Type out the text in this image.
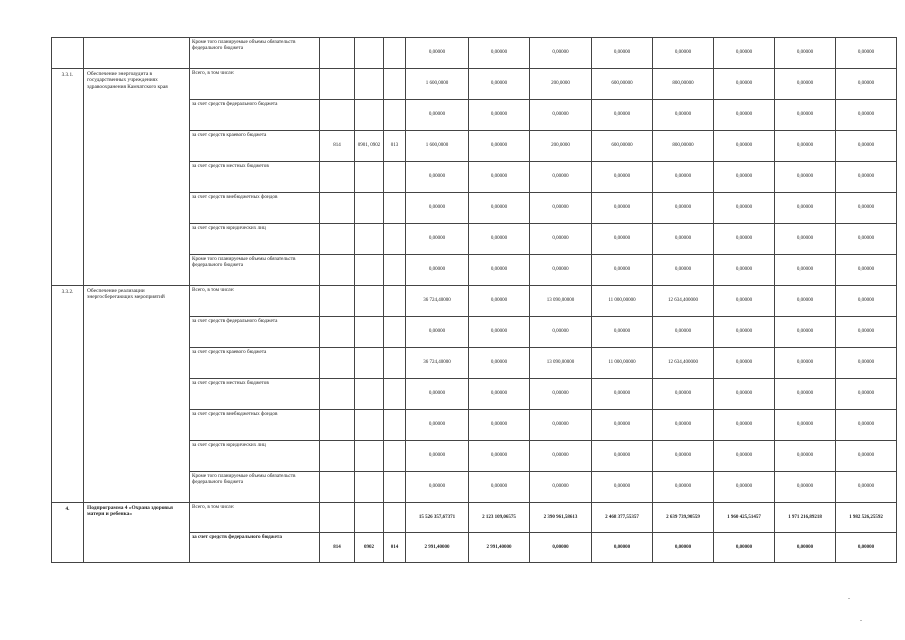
		Кроме того планируемые объемы обязательств федерального бюджета				0,00000	0,00000	0,00000	0,00000	0,00000	0,00000	0,00000	0,00000
3.3.1.	Обеспечение энергоаудита в государственных учреждениях здравоохранения Камчатского края	Всего, в том числе:				1 600,0000	0,00000	200,0000	600,00000	800,00000	0,00000	0,00000	0,00000
		за счет средств федерального бюджета				0,00000	0,00000	0,00000	0,00000	0,00000	0,00000	0,00000	0,00000
		за счет средств краевого бюджета	814	0901, 0902	013	1 600,0000	0,00000	200,0000	600,00000	800,00000	0,00000	0,00000	0,00000
		за счет средств местных бюджетов				0,00000	0,00000	0,00000	0,00000	0,00000	0,00000	0,00000	0,00000
		за счет средств внебюджетных фондов				0,00000	0,00000	0,00000	0,00000	0,00000	0,00000	0,00000	0,00000
		за счет средств юридических лиц				0,00000	0,00000	0,00000	0,00000	0,00000	0,00000	0,00000	0,00000
		Кроме того планируемые объемы обязательств федерального бюджета				0,00000	0,00000	0,00000	0,00000	0,00000	0,00000	0,00000	0,00000
3.3.2.	Обеспечение реализации энергосберегающих мероприятий	Всего, в том числе:				36 724,40000	0,00000	13 090,00000	11 000,00000	12 634,400000	0,00000	0,00000	0,00000
		за счет средств федерального бюджета				0,00000	0,00000	0,00000	0,00000	0,00000	0,00000	0,00000	0,00000
		за счет средств краевого бюджета				36 724,40000	0,00000	13 090,00000	11 000,00000	12 634,400000	0,00000	0,00000	0,00000
		за счет средств местных бюджетов				0,00000	0,00000	0,00000	0,00000	0,00000	0,00000	0,00000	0,00000
		за счет средств внебюджетных фондов				0,00000	0,00000	0,00000	0,00000	0,00000	0,00000	0,00000	0,00000
		за счет средств юридических лиц				0,00000	0,00000	0,00000	0,00000	0,00000	0,00000	0,00000	0,00000
		Кроме того планируемые объемы обязательств федерального бюджета				0,00000	0,00000	0,00000	0,00000	0,00000	0,00000	0,00000	0,00000
4.	Подпрограмма 4 «Охрана здоровья матери и ребенка»	Всего, в том числе:				15 526 357,67371	2 123 109,06575	2 390 961,58613	2 468 377,55357	2 639 739,90559	1 960 425,51457	1 971 216,89218	1 982 526,25592
		за счет средств федерального бюджета	814	0902	014	2 991,40000	2 991,40000	0,00000	0,00000	0,00000	0,00000	0,00000	0,00000
